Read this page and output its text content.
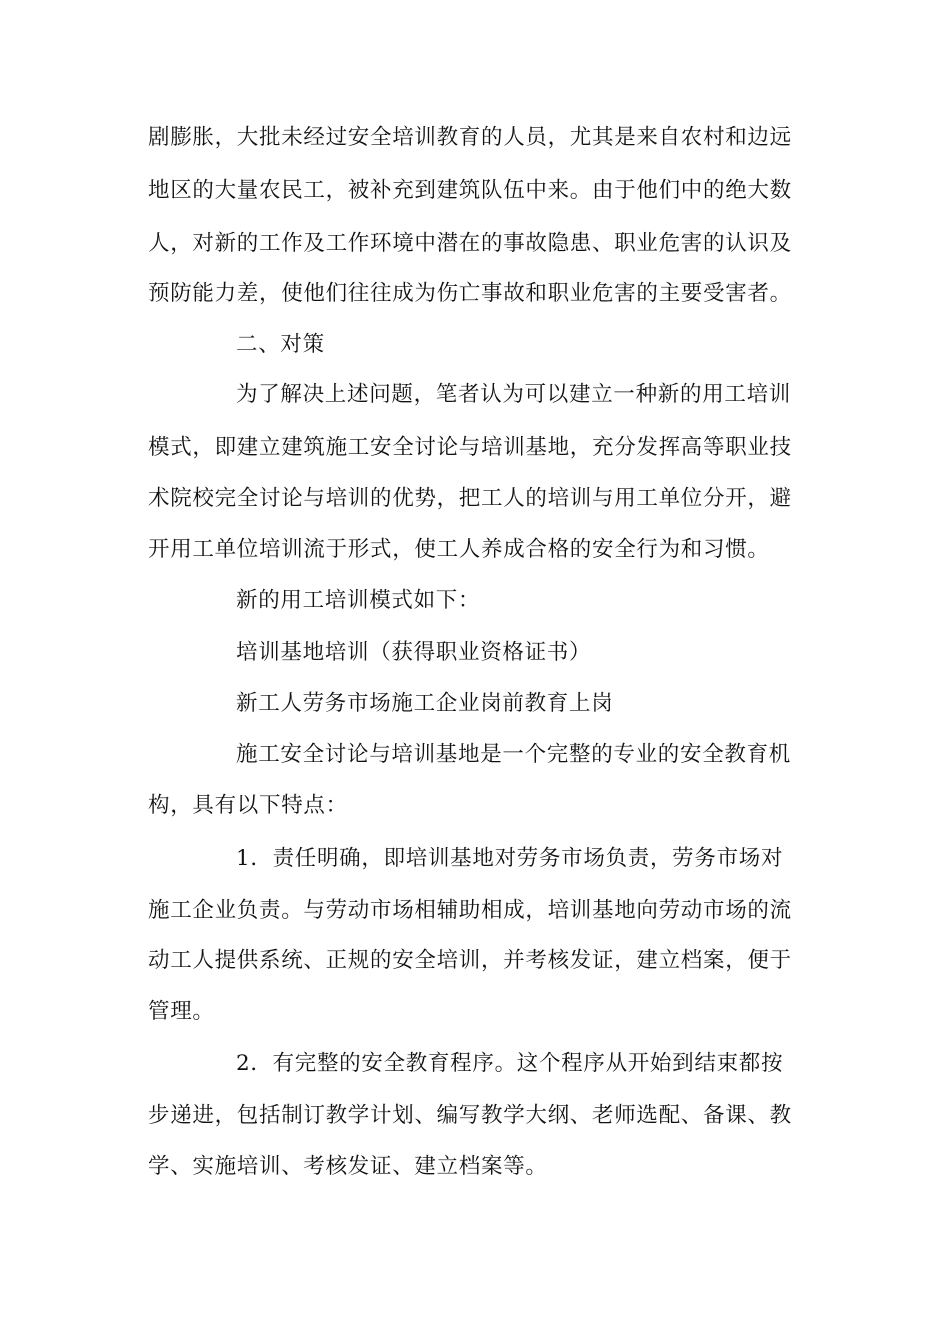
剧膨胀，大批未经过安全培训教育的人员，尤其是来自农村和边远
地区的大量农民工，被补充到建筑队伍中来。由于他们中的绝大数
人，对新的工作及工作环境中潜在的事故隐患、职业危害的认识及
预防能力差，使他们往往成为伤亡事故和职业危害的主要受害者。
二、对策
为了解决上述问题，笔者认为可以建立一种新的用工培训
模式，即建立建筑施工安全讨论与培训基地，充分发挥高等职业技
术院校完全讨论与培训的优势，把工人的培训与用工单位分开，避
开用工单位培训流于形式，使工人养成合格的安全行为和习惯。
新的用工培训模式如下：
培训基地培训（获得职业资格证书）
新工人劳务市场施工企业岗前教育上岗
施工安全讨论与培训基地是一个完整的专业的安全教育机
构，具有以下特点：
1．责任明确，即培训基地对劳务市场负责，劳务市场对
施工企业负责。与劳动市场相辅助相成，培训基地向劳动市场的流
动工人提供系统、正规的安全培训，并考核发证，建立档案，便于
管理。
2．有完整的安全教育程序。这个程序从开始到结束都按
步递进，包括制订教学计划、编写教学大纲、老师选配、备课、教
学、实施培训、考核发证、建立档案等。
